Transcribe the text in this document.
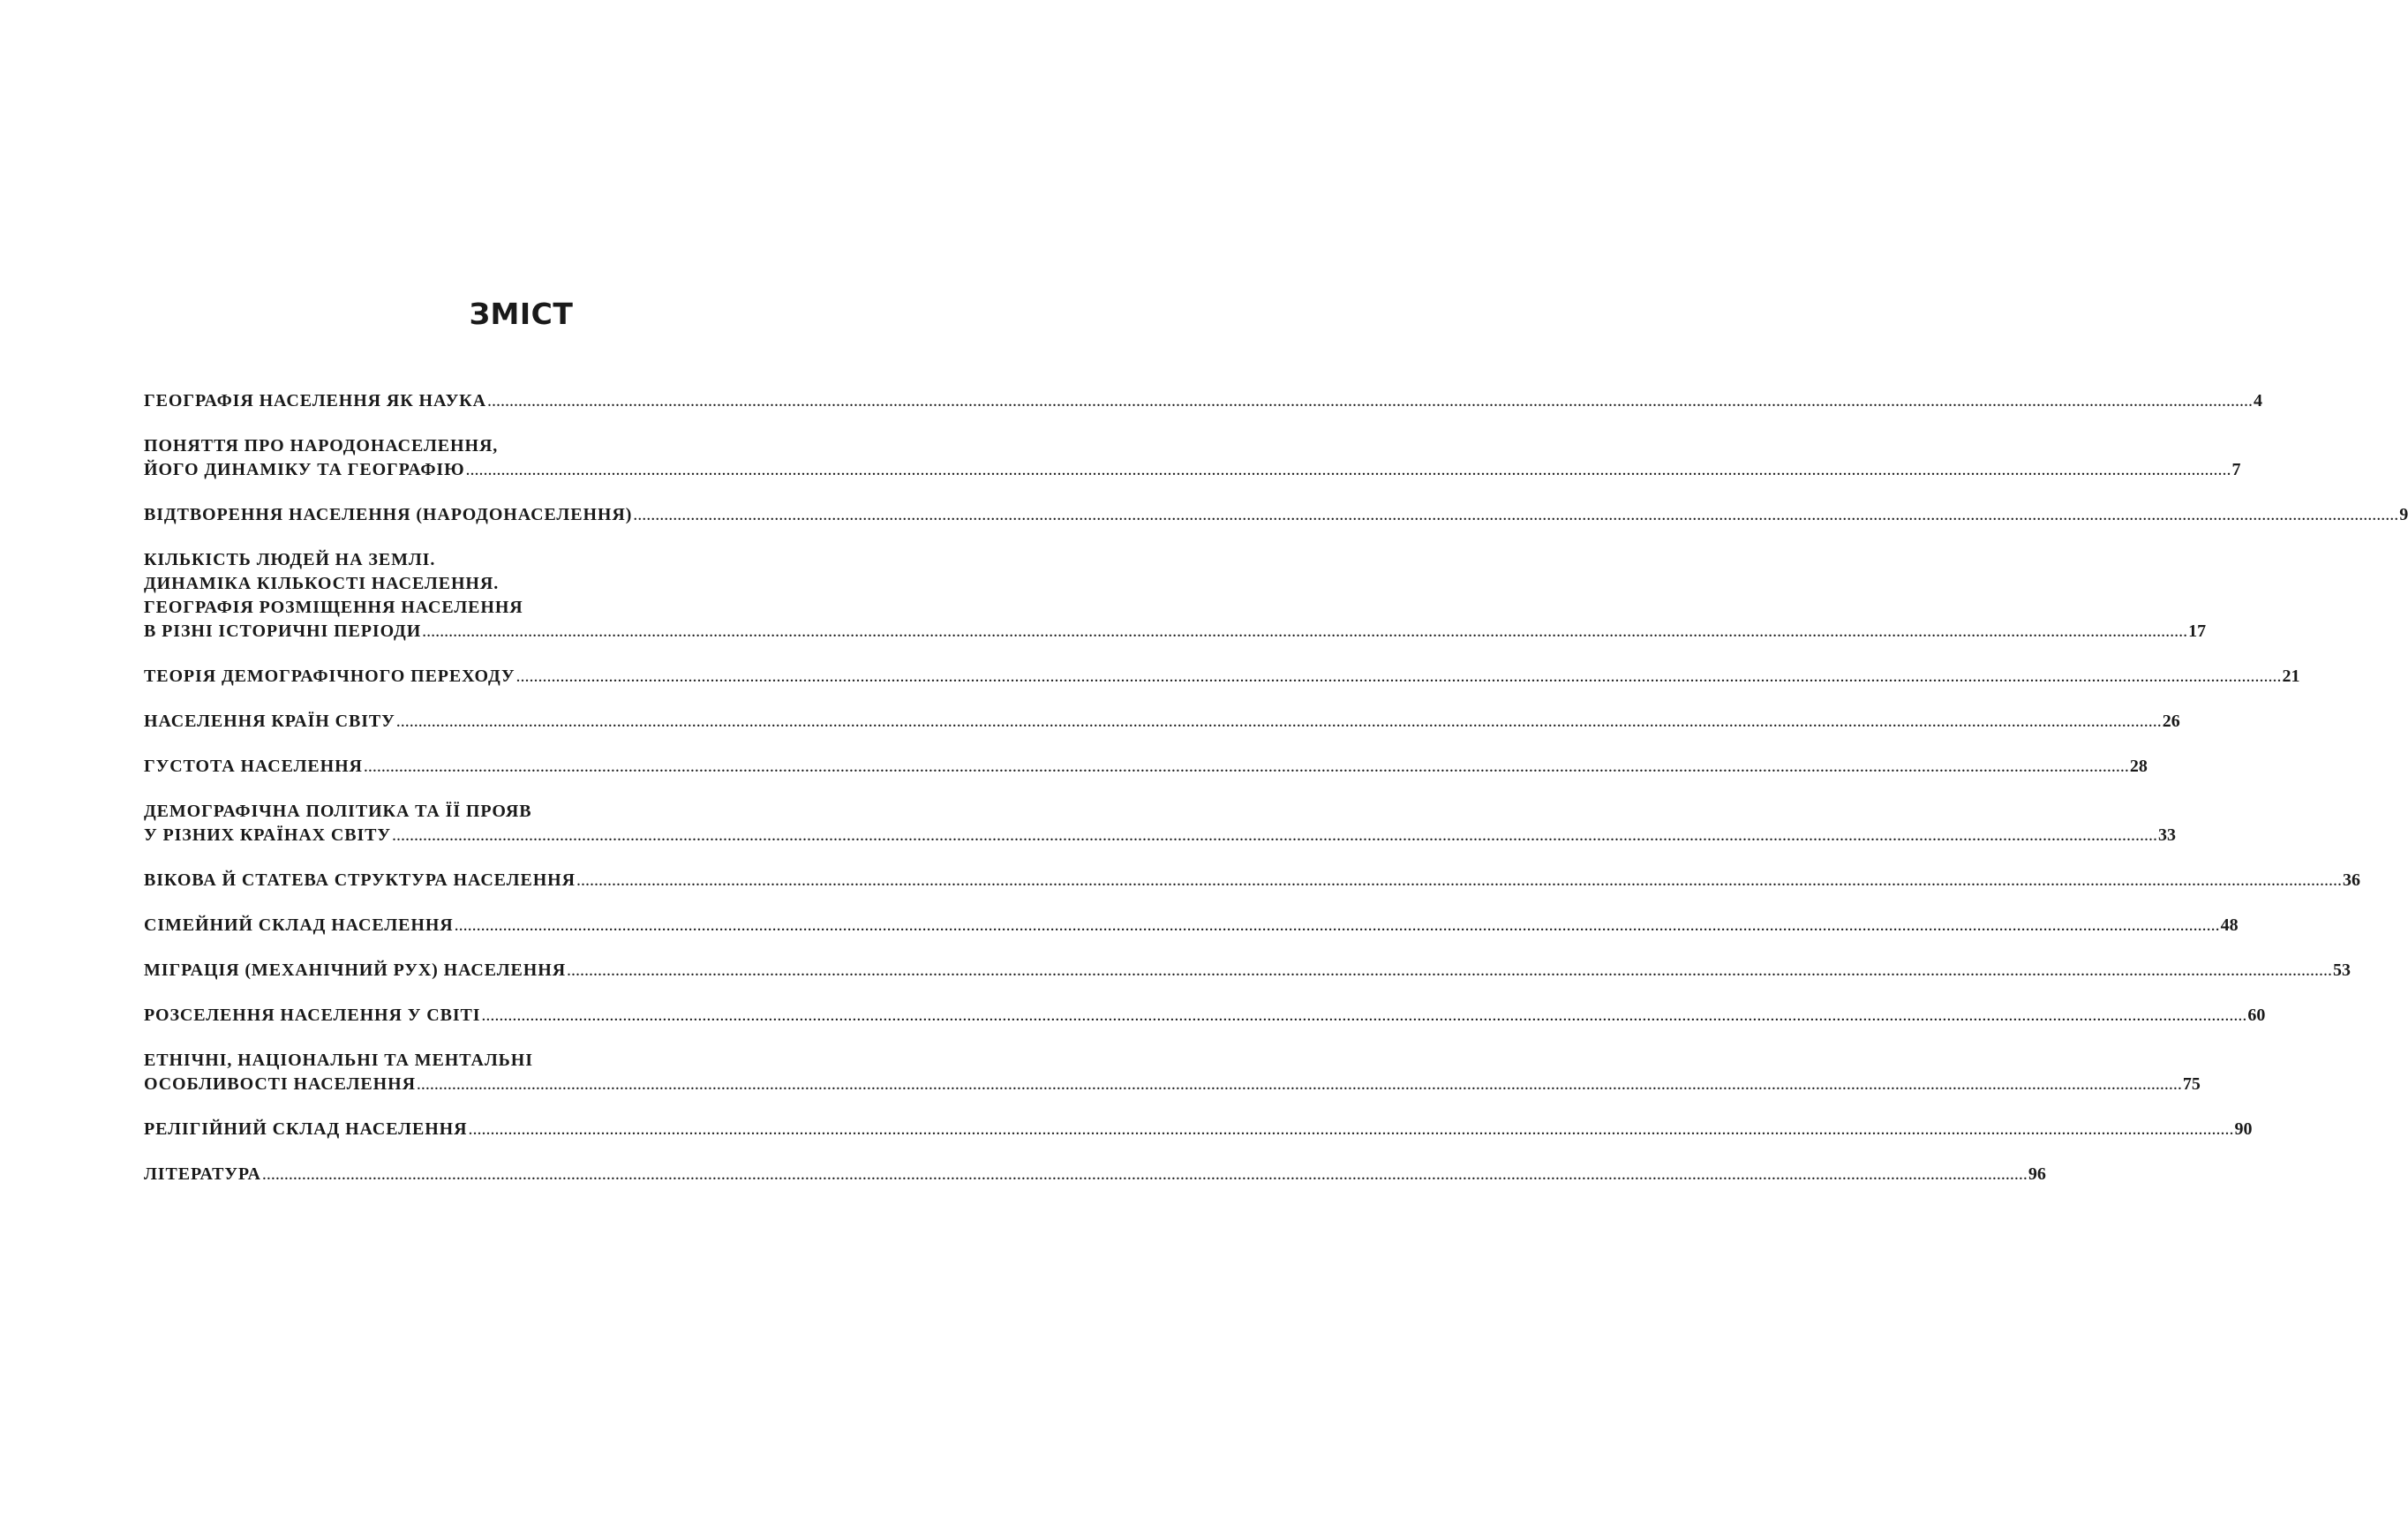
ЗМІСТ
ГЕОГРАФІЯ НАСЕЛЕННЯ ЯК НАУКА ................................................................................................................................................................................................................................................................................................................................................................................................................ 4
ПОНЯТТЯ ПРО НАРОДОНАСЕЛЕННЯ,
ЙОГО ДИНАМІКУ ТА ГЕОГРАФІЮ ................................................................................................................................................................................................................................................................................................................................................................................................................ 7
ВІДТВОРЕННЯ НАСЕЛЕННЯ (НАРОДОНАСЕЛЕННЯ) ................................................................................................................................................................................................................................................................................................................................................................................................................ 9
КІЛЬКІСТЬ ЛЮДЕЙ НА ЗЕМЛІ.
ДИНАМІКА КІЛЬКОСТІ НАСЕЛЕННЯ.
ГЕОГРАФІЯ РОЗМІЩЕННЯ НАСЕЛЕННЯ
В РІЗНІ ІСТОРИЧНІ ПЕРІОДИ ................................................................................................................................................................................................................................................................................................................................................................................................................ 17
ТЕОРІЯ ДЕМОГРАФІЧНОГО ПЕРЕХОДУ ................................................................................................................................................................................................................................................................................................................................................................................................................ 21
НАСЕЛЕННЯ КРАЇН СВІТУ ................................................................................................................................................................................................................................................................................................................................................................................................................ 26
ГУСТОТА НАСЕЛЕННЯ ................................................................................................................................................................................................................................................................................................................................................................................................................ 28
ДЕМОГРАФІЧНА ПОЛІТИКА ТА ЇЇ ПРОЯВ
У РІЗНИХ КРАЇНАХ СВІТУ ................................................................................................................................................................................................................................................................................................................................................................................................................ 33
ВІКОВА Й СТАТЕВА СТРУКТУРА НАСЕЛЕННЯ ................................................................................................................................................................................................................................................................................................................................................................................................................ 36
СІМЕЙНИЙ СКЛАД НАСЕЛЕННЯ ................................................................................................................................................................................................................................................................................................................................................................................................................ 48
МІГРАЦІЯ (МЕХАНІЧНИЙ РУХ) НАСЕЛЕННЯ ................................................................................................................................................................................................................................................................................................................................................................................................................ 53
РОЗСЕЛЕННЯ НАСЕЛЕННЯ У СВІТІ ................................................................................................................................................................................................................................................................................................................................................................................................................ 60
ЕТНІЧНІ, НАЦІОНАЛЬНІ ТА МЕНТАЛЬНІ
ОСОБЛИВОСТІ НАСЕЛЕННЯ ................................................................................................................................................................................................................................................................................................................................................................................................................ 75
РЕЛІГІЙНИЙ СКЛАД НАСЕЛЕННЯ ................................................................................................................................................................................................................................................................................................................................................................................................................ 90
ЛІТЕРАТУРА ................................................................................................................................................................................................................................................................................................................................................................................................................ 96
